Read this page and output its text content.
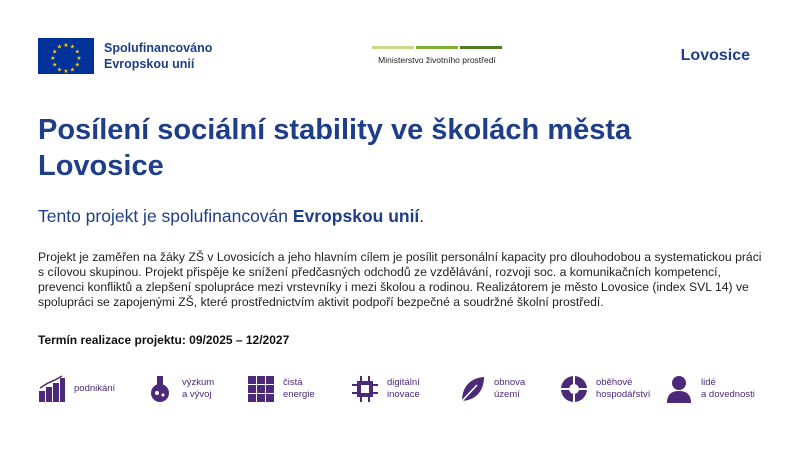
★ ★
★
★
★
★
★
★
★
★
★
★	Spolufinancováno
Evropskou unií	Ministerstvo životního prostředí	Lovosice
Posílení sociální stability ve školách města Lovosice
Tento projekt je spolufinancován Evropskou unií.

Projekt je zaměřen na žáky ZŠ v Lovosicích a jeho hlavním cílem je posílit personální kapacity pro dlouhodobou a systematickou práci s cílovou skupinou. Projekt přispěje ke snížení předčasných odchodů ze vzdělávání, rozvoji soc. a komunikačních kompetencí, prevenci konfliktů a zlepšení spolupráce mezi vrstevníky i mezi školou a rodinou. Realizátorem je město Lovosice (index SVL 14) ve spolupráci se zapojenými ZŠ, které prostřednictvím aktivit podpoří bezpečné a soudržné školní prostředí.

Termín realizace projektu: 09/2025 – 12/2027
podnikání
výzkum
a vývoj
čistá
energie
digitální
inovace
obnova
území
oběhové
hospodářství
lidé
a dovednosti
